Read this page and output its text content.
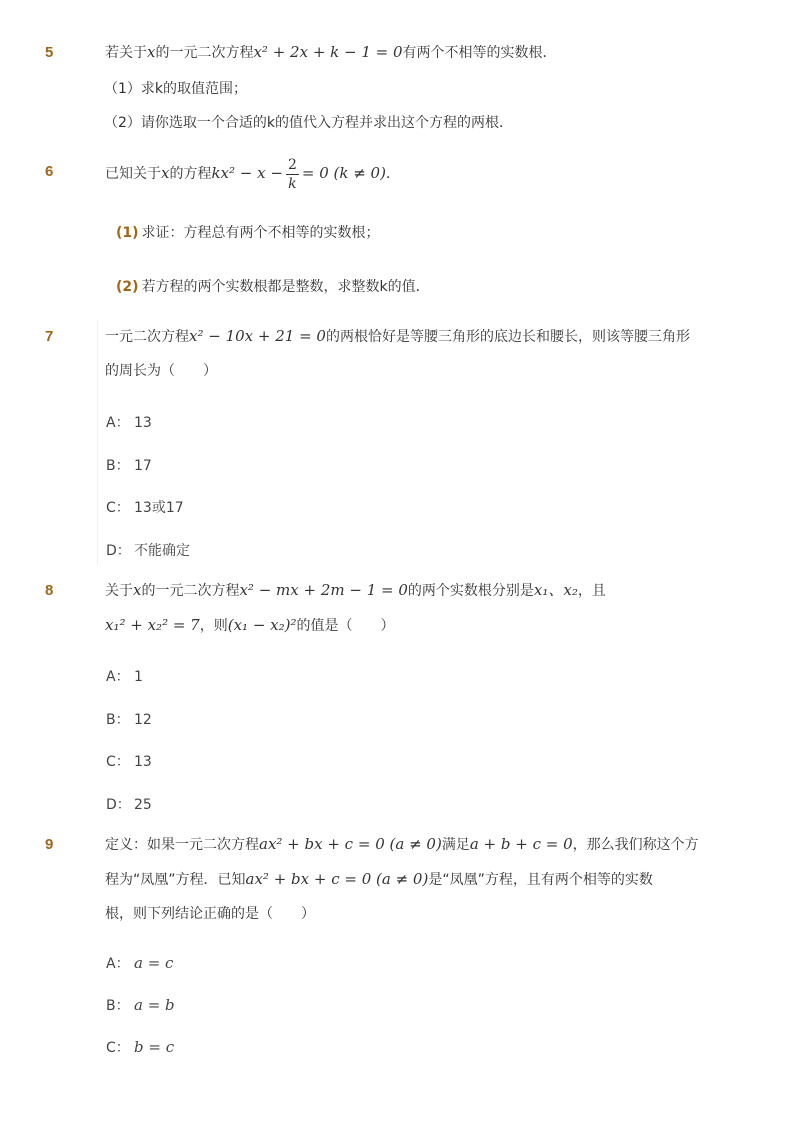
5	若关于x的一元二次方程x² + 2x + k − 1 = 0有两个不相等的实数根．
（1）求k的取值范围；
（2）请你选取一个合适的k的值代入方程并求出这个方程的两根．
6	已知关于x的方程$kx^2 - x - \frac{2}{k} = 0$ (k ≠ 0)．
(1) 求证：方程总有两个不相等的实数根；
(2) 若方程的两个实数根都是整数，求整数k的值．
7	一元二次方程x² − 10x + 21 = 0的两根恰好是等腰三角形的底边长和腰长，则该等腰三角形
的周长为（　　）
A： 13
B： 17
C： 13或17
D： 不能确定
8	关于x的一元二次方程x² − mx + 2m − 1 = 0的两个实数根分别是x₁、x₂，且
x₁² + x₂² = 7，则(x₁ − x₂)²的值是（　　）
A： 1
B： 12
C： 13
D： 25
9	定义：如果一元二次方程ax² + bx + c = 0 (a ≠ 0)满足a + b + c = 0，那么我们称这个方
程为“凤凰”方程．已知ax² + bx + c = 0 (a ≠ 0)是“凤凰”方程，且有两个相等的实数
根，则下列结论正确的是（　　）
A： a = c
B： a = b
C： b = c
